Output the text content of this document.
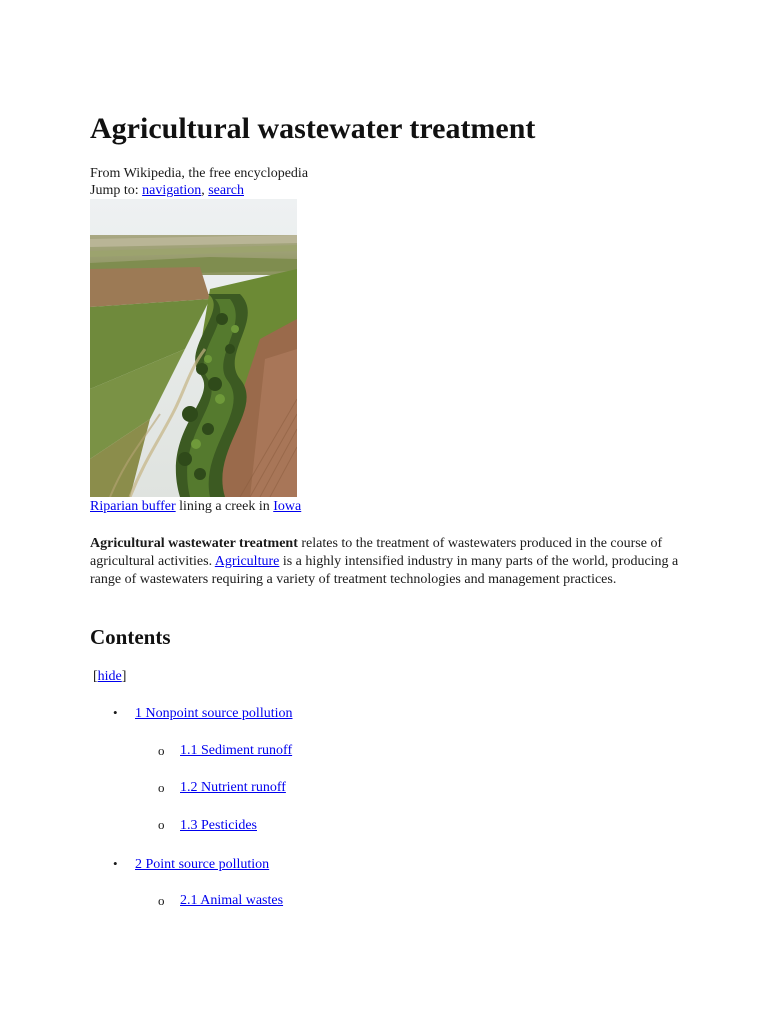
Agricultural wastewater treatment
From Wikipedia, the free encyclopedia
Jump to: navigation, search
Riparian buffer lining a creek in Iowa

Agricultural wastewater treatment relates to the treatment of wastewaters produced in the course of agricultural activities. Agriculture is a highly intensified industry in many parts of the world, producing a range of wastewaters requiring a variety of treatment technologies and management practices.

Contents
[hide]
• 1 Nonpoint source pollution
o 1.1 Sediment runoff
o 1.2 Nutrient runoff
o 1.3 Pesticides
• 2 Point source pollution
o 2.1 Animal wastes
